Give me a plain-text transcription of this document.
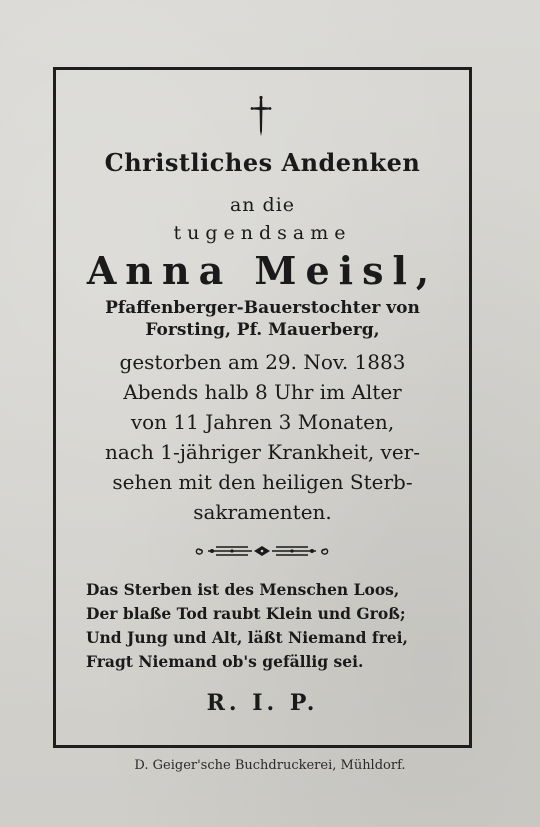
Christliches Andenken
an die
tugendsame
Anna Meisl,
Pfaffenberger-Bauerstochter von
Forsting, Pf. Mauerberg,
gestorben am 29. Nov. 1883
Abends halb 8 Uhr im Alter
von 11 Jahren 3 Monaten,
nach 1-jähriger Krankheit, ver-
sehen mit den heiligen Sterb-
sakramenten.
Das Sterben ist des Menschen Loos,
Der blaße Tod raubt Klein und Groß;
Und Jung und Alt, läßt Niemand frei,
Fragt Niemand ob's gefällig sei.
R. I. P.
D. Geiger'sche Buchdruckerei, Mühldorf.
